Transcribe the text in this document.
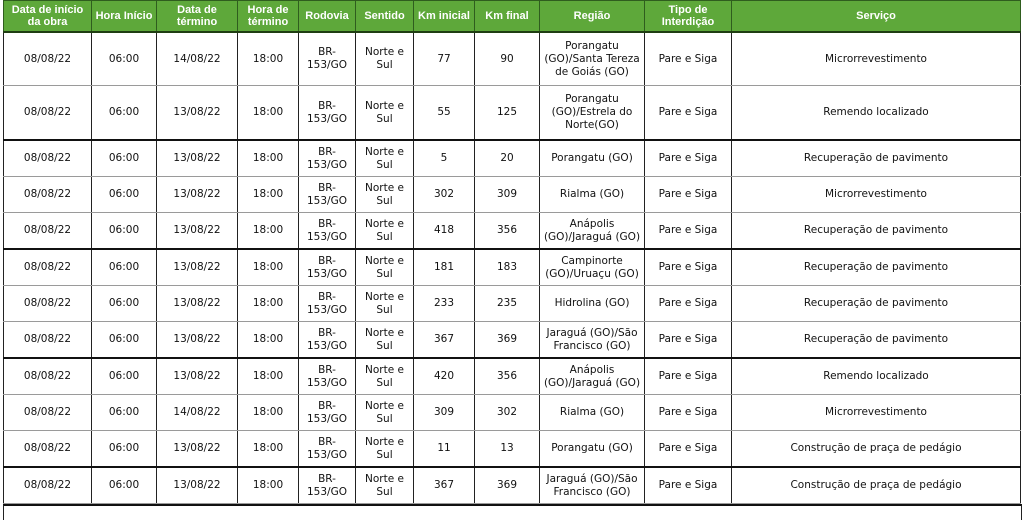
Data de início da obra	Hora Início	Data de término	Hora de término	Rodovia	Sentido	Km inicial	Km final	Região	Tipo de Interdição	Serviço
08/08/22	06:00	14/08/22	18:00	BR-153/GO	Norte e Sul	77	90	Porangatu (GO)/Santa Tereza de Goiás (GO)	Pare e Siga	Microrrevestimento
08/08/22	06:00	13/08/22	18:00	BR-153/GO	Norte e Sul	55	125	Porangatu (GO)/Estrela do Norte(GO)	Pare e Siga	Remendo localizado
08/08/22	06:00	13/08/22	18:00	BR-153/GO	Norte e Sul	5	20	Porangatu (GO)	Pare e Siga	Recuperação de pavimento
08/08/22	06:00	13/08/22	18:00	BR-153/GO	Norte e Sul	302	309	Rialma (GO)	Pare e Siga	Microrrevestimento
08/08/22	06:00	13/08/22	18:00	BR-153/GO	Norte e Sul	418	356	Anápolis (GO)/Jaraguá (GO)	Pare e Siga	Recuperação de pavimento
08/08/22	06:00	13/08/22	18:00	BR-153/GO	Norte e Sul	181	183	Campinorte (GO)/Uruaçu (GO)	Pare e Siga	Recuperação de pavimento
08/08/22	06:00	13/08/22	18:00	BR-153/GO	Norte e Sul	233	235	Hidrolina (GO)	Pare e Siga	Recuperação de pavimento
08/08/22	06:00	13/08/22	18:00	BR-153/GO	Norte e Sul	367	369	Jaraguá (GO)/São Francisco (GO)	Pare e Siga	Recuperação de pavimento
08/08/22	06:00	13/08/22	18:00	BR-153/GO	Norte e Sul	420	356	Anápolis (GO)/Jaraguá (GO)	Pare e Siga	Remendo localizado
08/08/22	06:00	14/08/22	18:00	BR-153/GO	Norte e Sul	309	302	Rialma (GO)	Pare e Siga	Microrrevestimento
08/08/22	06:00	13/08/22	18:00	BR-153/GO	Norte e Sul	11	13	Porangatu (GO)	Pare e Siga	Construção de praça de pedágio
08/08/22	06:00	13/08/22	18:00	BR-153/GO	Norte e Sul	367	369	Jaraguá (GO)/São Francisco (GO)	Pare e Siga	Construção de praça de pedágio
